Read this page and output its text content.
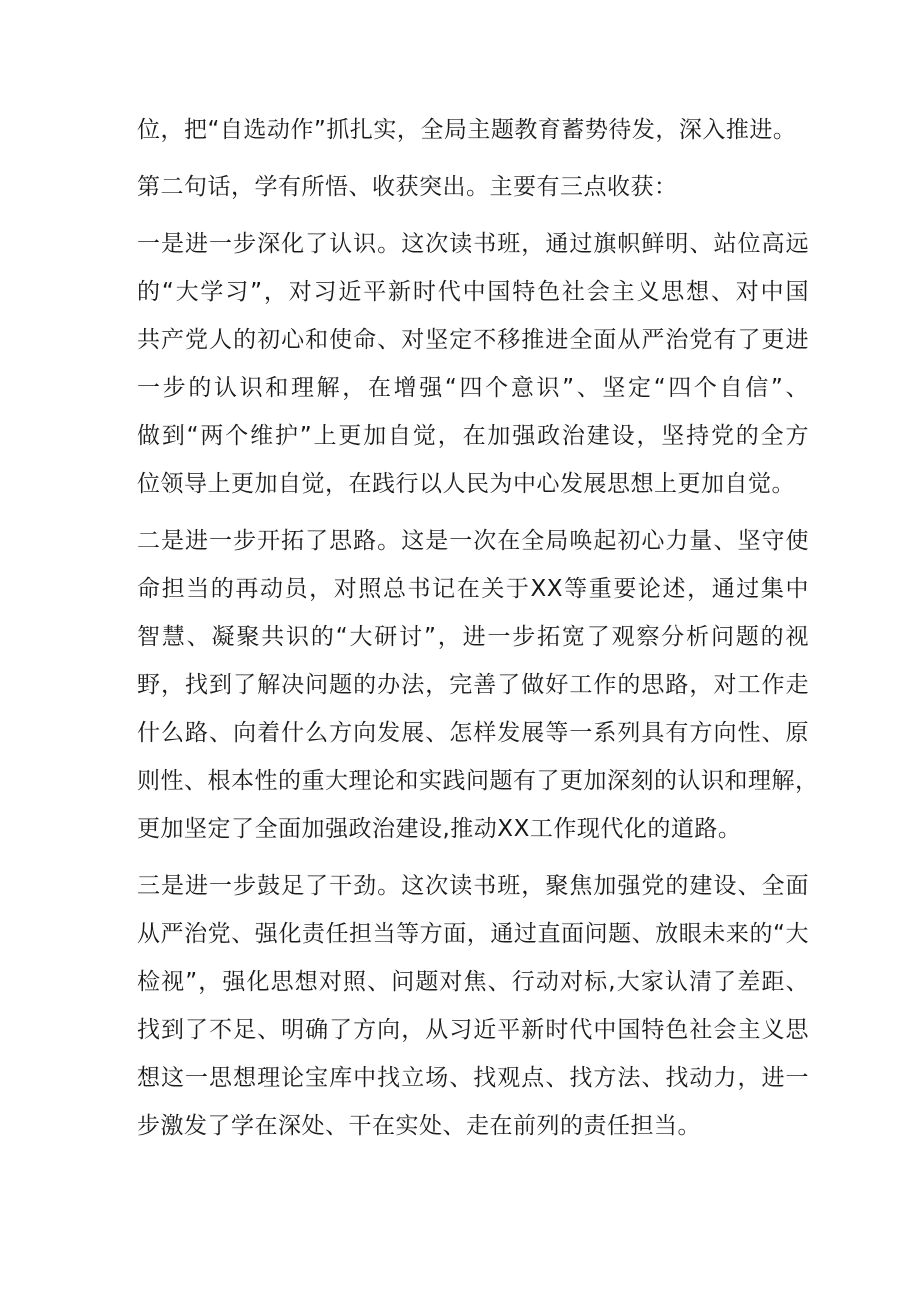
位，把“自选动作”抓扎实，全局主题教育蓄势待发，深入推进。

第二句话，学有所悟、收获突出。主要有三点收获：

一是进一步深化了认识。这次读书班，通过旗帜鲜明、站位高远
的“大学习”，对习近平新时代中国特色社会主义思想、对中国
共产党人的初心和使命、对坚定不移推进全面从严治党有了更进
一步的认识和理解，在增强“四个意识”、坚定“四个自信”、
做到“两个维护”上更加自觉，在加强政治建设，坚持党的全方
位领导上更加自觉，在践行以人民为中心发展思想上更加自觉。

二是进一步开拓了思路。这是一次在全局唤起初心力量、坚守使
命担当的再动员，对照总书记在关于XX等重要论述，通过集中
智慧、凝聚共识的“大研讨”，进一步拓宽了观察分析问题的视
野，找到了解决问题的办法，完善了做好工作的思路，对工作走
什么路、向着什么方向发展、怎样发展等一系列具有方向性、原
则性、根本性的重大理论和实践问题有了更加深刻的认识和理解，
更加坚定了全面加强政治建设,推动XX工作现代化的道路。

三是进一步鼓足了干劲。这次读书班，聚焦加强党的建设、全面
从严治党、强化责任担当等方面，通过直面问题、放眼未来的“大
检视”，强化思想对照、问题对焦、行动对标,大家认清了差距、
找到了不足、明确了方向，从习近平新时代中国特色社会主义思
想这一思想理论宝库中找立场、找观点、找方法、找动力，进一
步激发了学在深处、干在实处、走在前列的责任担当。
